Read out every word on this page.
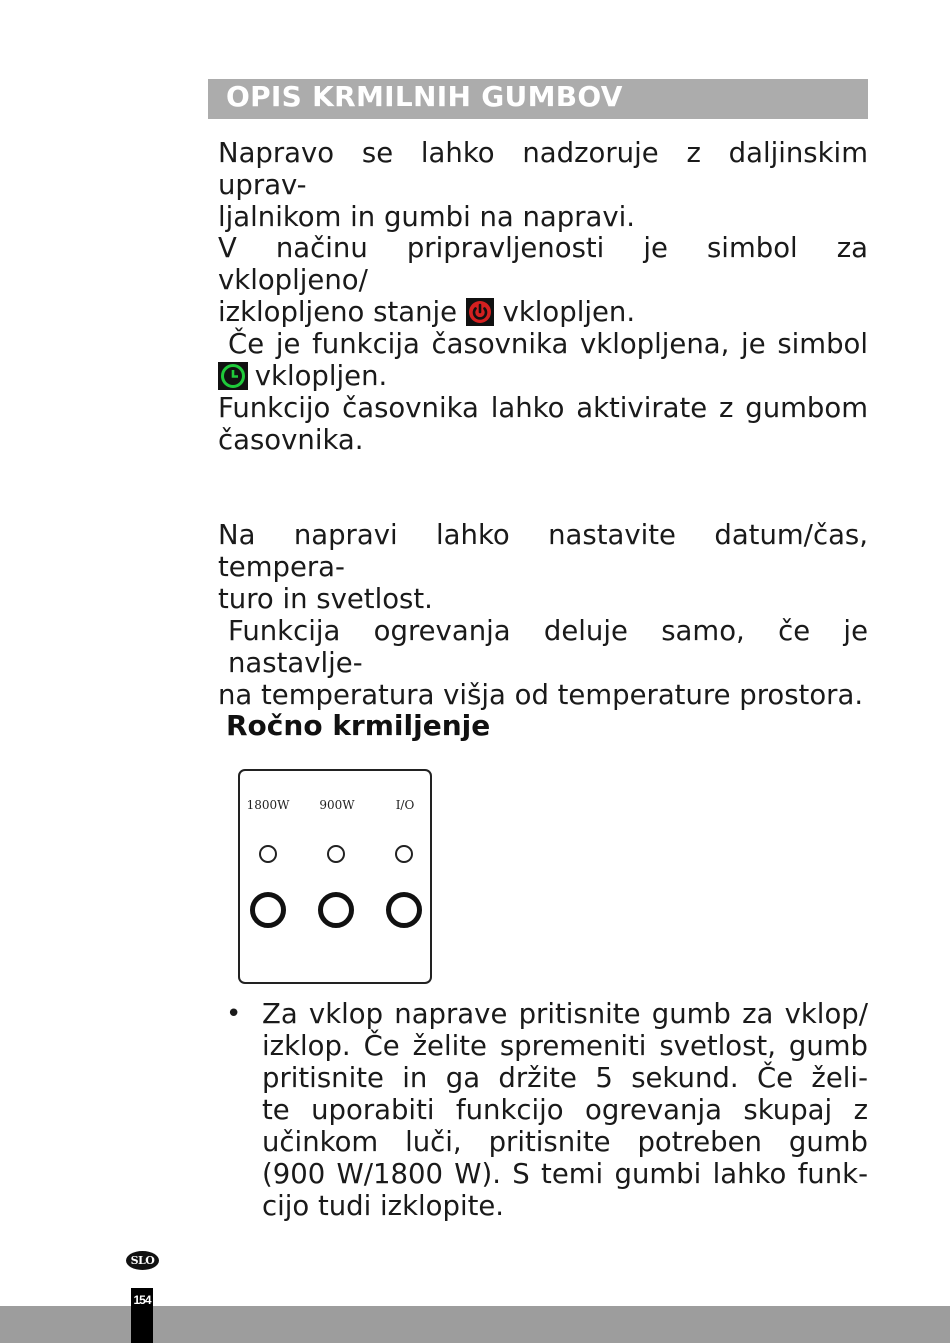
OPIS KRMILNIH GUMBOV

Napravo se lahko nadzoruje z daljinskim uprav-
ljalnikom in gumbi na napravi.

V načinu pripravljenosti je simbol za vklopljeno/
izklopljeno stanje vklopljen.
Če je funkcija časovnika vklopljena, je simbol
vklopljen.

Funkcijo časovnika lahko aktivirate z gumbom
časovnika.

Na napravi lahko nastavite datum/čas, tempera-
turo in svetlost.

Funkcija ogrevanja deluje samo, če je nastavlje-
na temperatura višja od temperature prostora.

Ročno krmiljenje
1800W	900W	I/O
• Za vklop naprave pritisnite gumb za vklop/
izklop. Če želite spremeniti svetlost, gumb
pritisnite in ga držite 5 sekund. Če želi-
te uporabiti funkcijo ogrevanja skupaj z
učinkom luči, pritisnite potreben gumb
(900 W/1800 W). S temi gumbi lahko funk-
cijo tudi izklopite.

SLO
154
